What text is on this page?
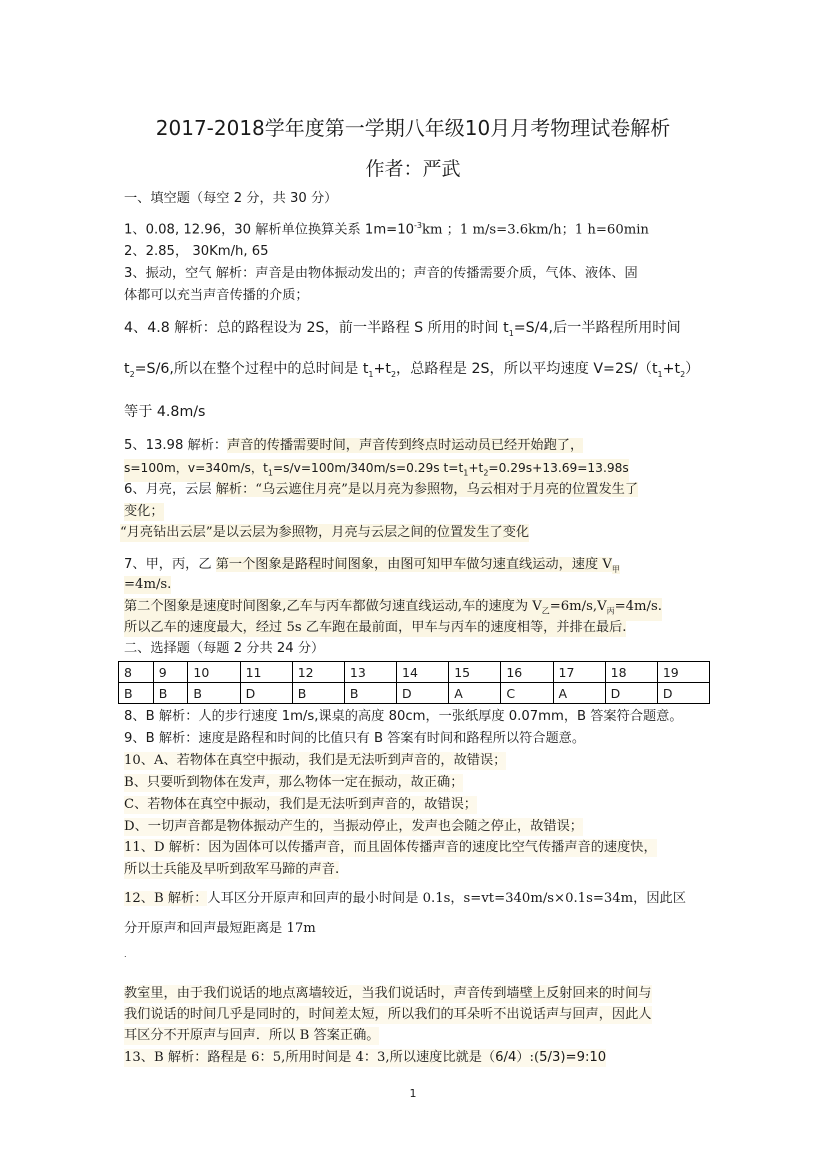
2017-2018学年度第一学期八年级10月月考物理试卷解析
作者：严武
一、填空题（每空 2 分，共 30 分）
1、0.08, 12.96，30 解析单位换算关系 $1m=10^{-3}km$ ；1 m/s=3.6km/h；1 h=60min
2、2.85， 30Km/h, 65
3、振动，空气 解析：声音是由物体振动发出的；声音的传播需要介质，气体、液体、固
体都可以充当声音传播的介质；
4、4.8 解析：总的路程设为 2S，前一半路程 S 所用的时间 $t_1=S/4$,后一半路程所用时间
$t_2=S/6$,所以在整个过程中的总时间是 $t_1+t_2$，总路程是 2S，所以平均速度 $V=2S/(t_1+t_2)$
等于 4.8m/s
5、13.98 解析：声音的传播需要时间，声音传到终点时运动员已经开始跑了，
s=100m，v=340m/s，$t_1=s/v=100m/340m/s=0.29s$ $t=t_1+t_2=0.29s+13.69=13.98s$
6、月亮，云层 解析：“乌云遮住月亮”是以月亮为参照物，乌云相对于月亮的位置发生了
变化；
“月亮钻出云层”是以云层为参照物，月亮与云层之间的位置发生了变化
7、甲，丙，乙 第一个图象是路程时间图象，由图可知甲车做匀速直线运动，速度 $V_甲$
=4m/s.
第二个图象是速度时间图象,乙车与丙车都做匀速直线运动,车的速度为 $V_乙=6m/s,V_丙=4m/s$.
所以乙车的速度最大，经过 5s 乙车跑在最前面，甲车与丙车的速度相等，并排在最后.
二、选择题（每题 2 分共 24 分）
8	9	10	11	12	13	14	15	16	17	18	19
B	B	B	D	B	B	D	A	C	A	D	D
8、B 解析：人的步行速度 1m/s,课桌的高度 80cm，一张纸厚度 0.07mm，B 答案符合题意。
9、B 解析：速度是路程和时间的比值只有 B 答案有时间和路程所以符合题意。
10、A、若物体在真空中振动，我们是无法听到声音的，故错误；
B、只要听到物体在发声，那么物体一定在振动，故正确；
C、若物体在真空中振动，我们是无法听到声音的，故错误；
D、一切声音都是物体振动产生的，当振动停止，发声也会随之停止，故错误；
11、D 解析：因为固体可以传播声音，而且固体传播声音的速度比空气传播声音的速度快，
所以士兵能及早听到敌军马蹄的声音.
12、B 解析：人耳区分开原声和回声的最小时间是 0.1s，s=vt=340m/s×0.1s=34m，因此区
分开原声和回声最短距离是 17m
.
教室里，由于我们说话的地点离墙较近，当我们说话时，声音传到墙壁上反射回来的时间与
我们说话的时间几乎是同时的，时间差太短，所以我们的耳朵听不出说话声与回声，因此人
耳区分不开原声与回声．所以 B 答案正确。
13、B 解析：路程是 6：5,所用时间是 4：3,所以速度比就是（6/4）:(5/3)=9:10
1
